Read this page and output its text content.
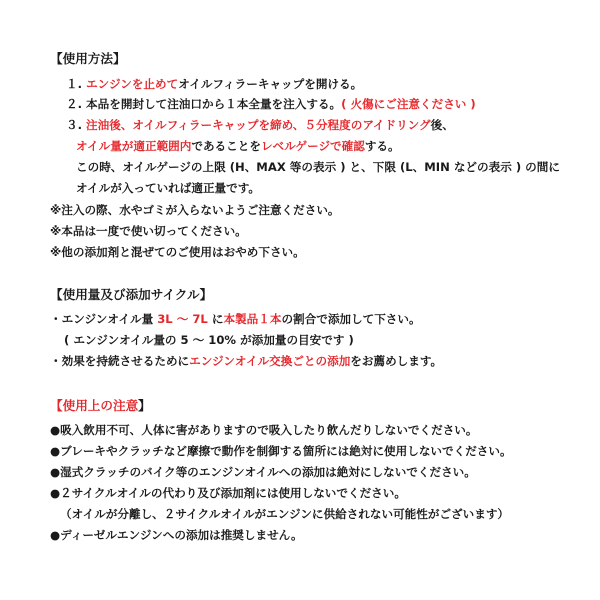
【使用方法】
１. エンジンを止めてオイルフィラーキャップを開ける。
２. 本品を開封して注油口から１本全量を注入する。( 火傷にご注意ください )
３. 注油後、オイルフィラーキャップを締め、５分程度のアイドリング後、
オイル量が適正範囲内であることをレベルゲージで確認する。
この時、オイルゲージの上限 (H、MAX 等の表示 ) と、下限 (L、MIN などの表示 ) の間に
オイルが入っていれば適正量です。
※注入の際、水やゴミが入らないようご注意ください。
※本品は一度で使い切ってください。
※他の添加剤と混ぜてのご使用はおやめ下さい。
【使用量及び添加サイクル】
・エンジンオイル量 3L ～ 7L に本製品１本の割合で添加して下さい。
( エンジンオイル量の 5 ～ 10% が添加量の目安です )
・効果を持続させるためにエンジンオイル交換ごとの添加をお薦めします。
【使用上の注意】
●吸入飲用不可、人体に害がありますので吸入したり飲んだりしないでください。
●ブレーキやクラッチなど摩擦で動作を制御する箇所には絶対に使用しないでください。
●湿式クラッチのバイク等のエンジンオイルへの添加は絶対にしないでください。
●２サイクルオイルの代わり及び添加剤には使用しないでください。
（オイルが分離し、２サイクルオイルがエンジンに供給されない可能性がございます）
●ディーゼルエンジンへの添加は推奨しません。
